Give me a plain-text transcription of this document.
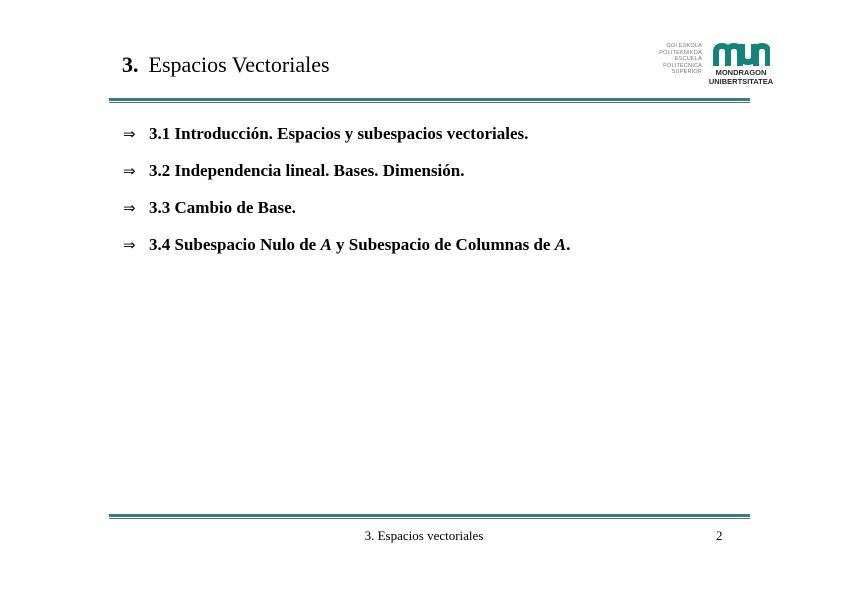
3. Espacios Vectoriales
GOI ESKOLA
POLITEKNIKOA
ESCUELA
POLITÉCNICA
SUPERIOR	MONDRAGON
UNIBERTSITATEA
⇒ 3.1 Introducción. Espacios y subespacios vectoriales.
⇒ 3.2 Independencia lineal. Bases. Dimensión.
⇒ 3.3 Cambio de Base.
⇒ 3.4 Subespacio Nulo de A y Subespacio de Columnas de A.
3. Espacios vectoriales	2
